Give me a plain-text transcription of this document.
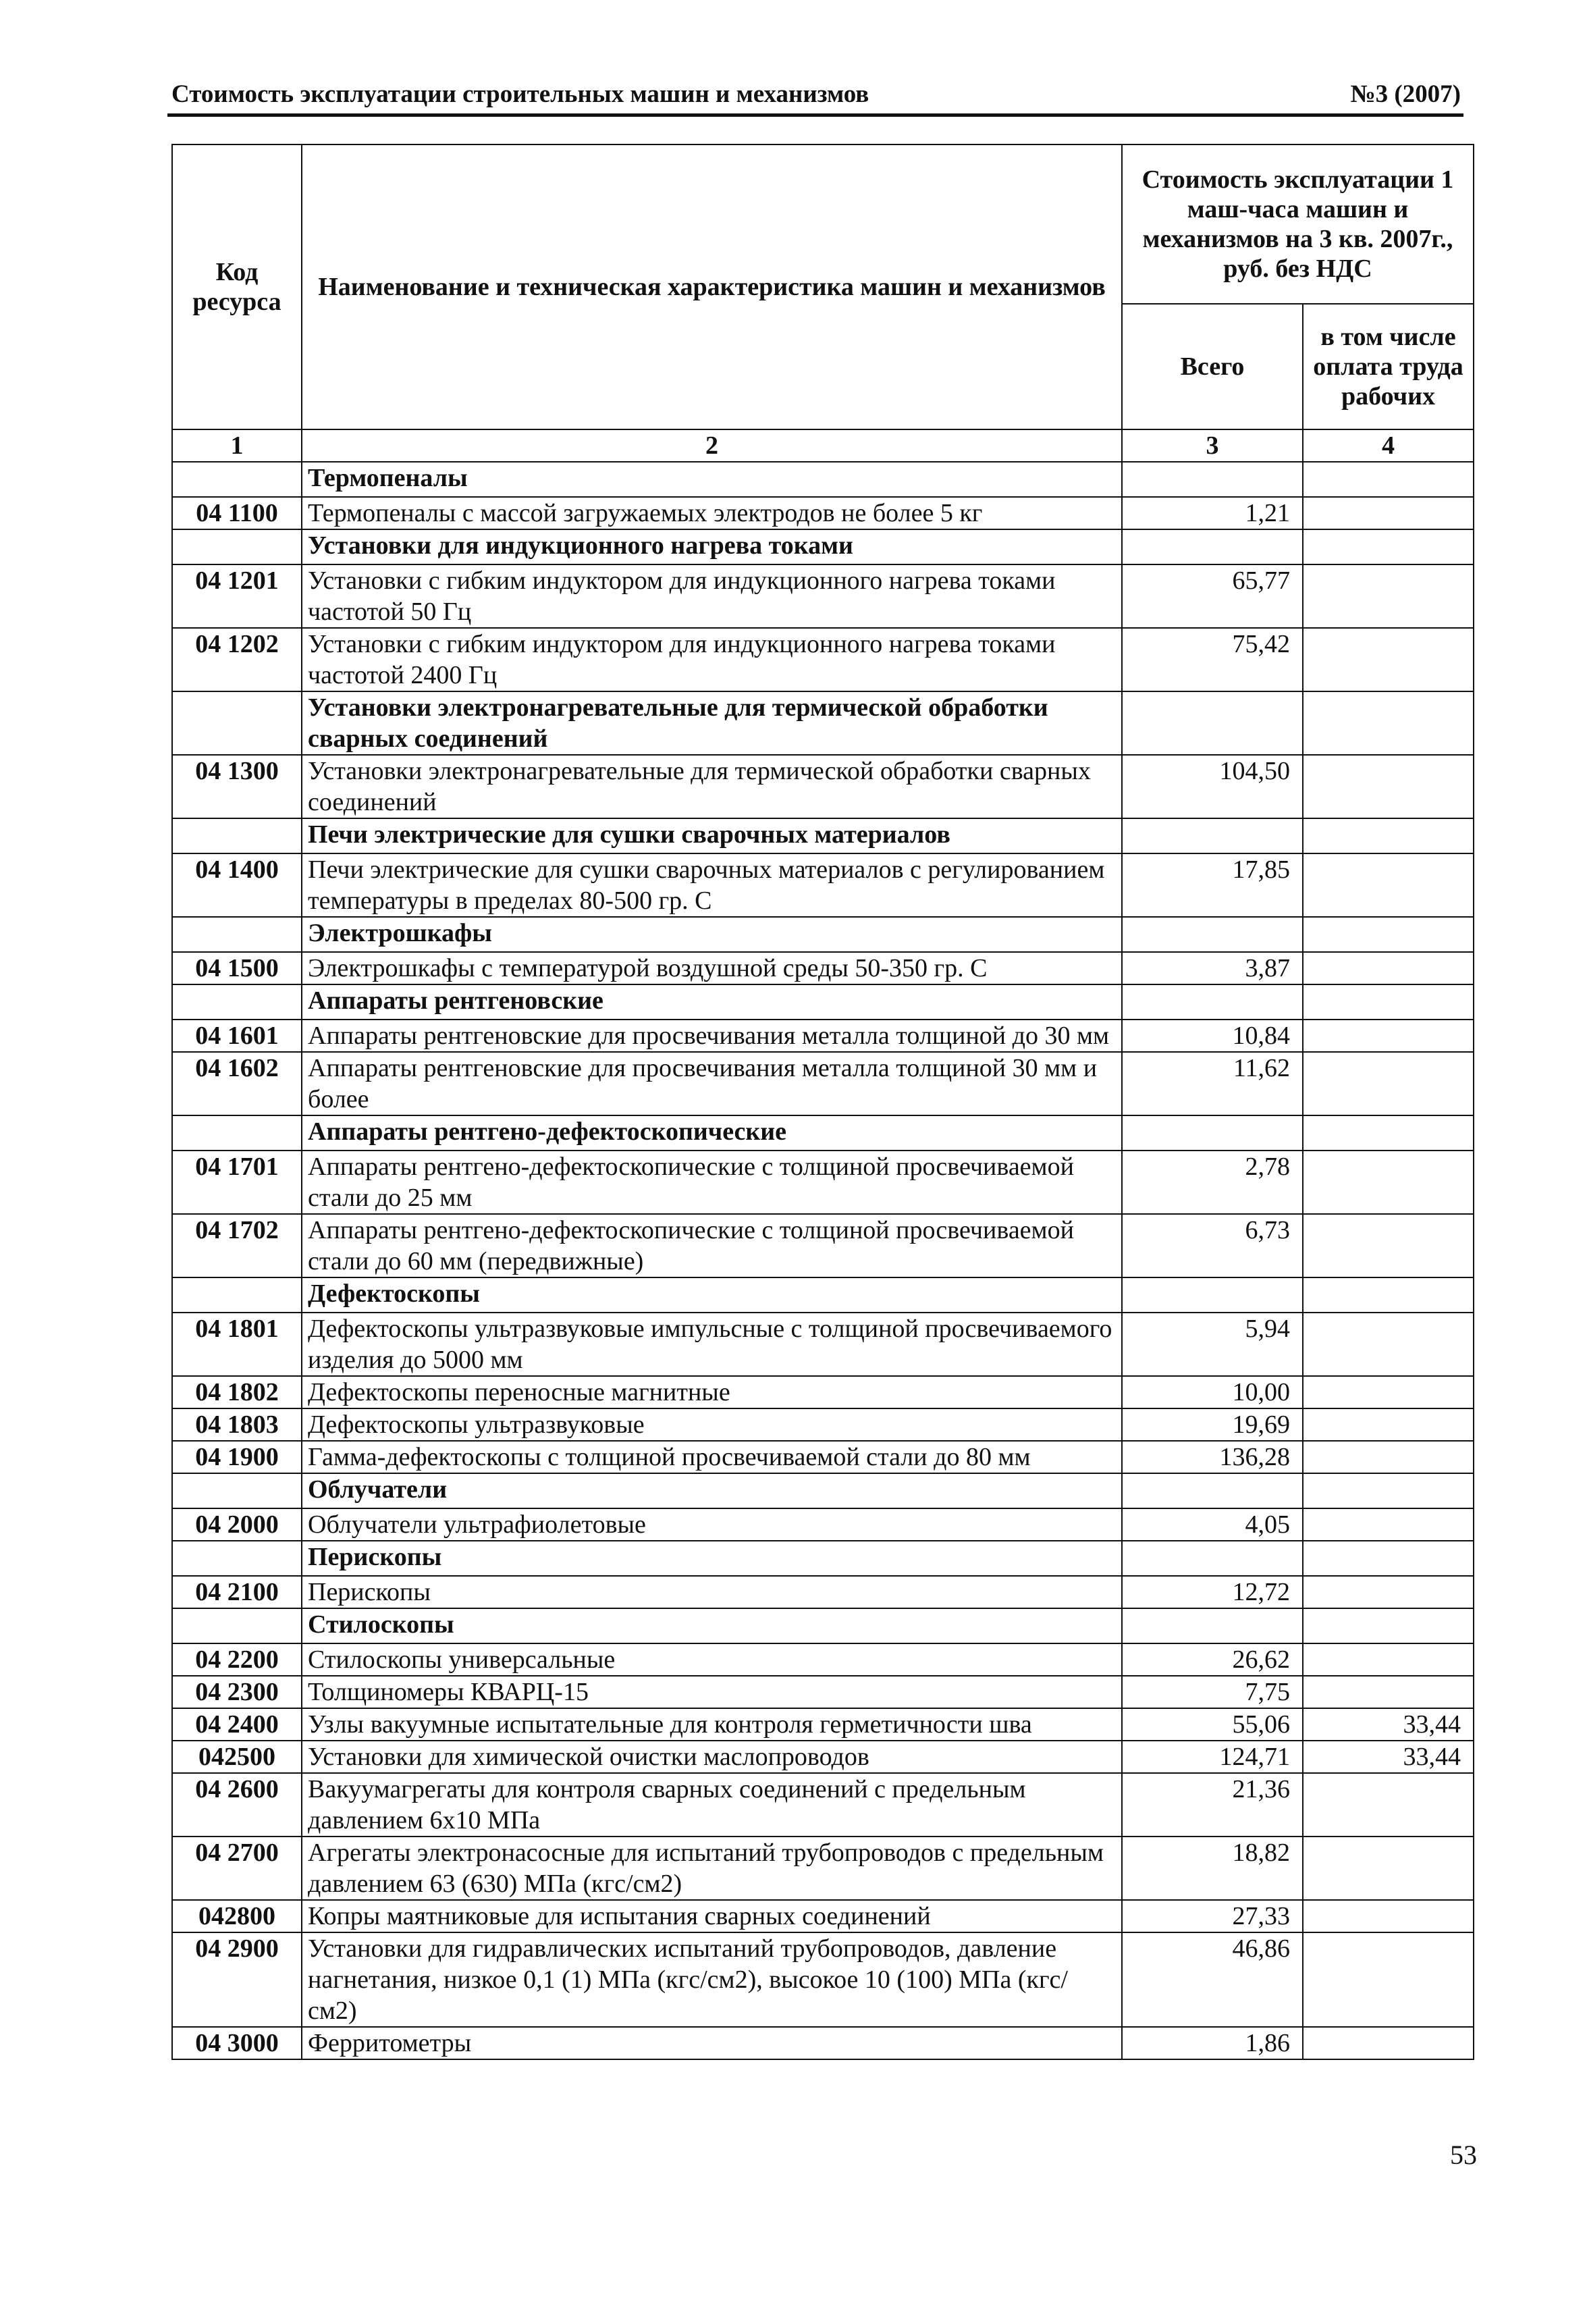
Стоимость эксплуатации строительных машин и механизмов	№3 (2007)
Код ресурса	Наименование и техническая характеристика машин и механизмов	Стоимость эксплуатации 1 маш-часа машин и механизмов на 3 кв. 2007г., руб. без НДС	
		Всего	в том числе оплата труда рабочих
1	2	3	4
	Термопеналы		
04 1100	Термопеналы с массой загружаемых электродов не более 5 кг	1,21	
	Установки для индукционного нагрева токами		
04 1201	Установки с гибким индуктором для индукционного нагрева токами частотой 50 Гц	65,77	
04 1202	Установки с гибким индуктором для индукционного нагрева токами частотой 2400 Гц	75,42	
	Установки электронагревательные для термической обработки сварных соединений		
04 1300	Установки электронагревательные для термической обработки сварных соединений	104,50	
	Печи электрические для сушки сварочных материалов		
04 1400	Печи электрические для сушки сварочных материалов с регулированием температуры в пределах 80-500 гр. С	17,85	
	Электрошкафы		
04 1500	Электрошкафы с температурой воздушной среды 50-350 гр. С	3,87	
	Аппараты рентгеновские		
04 1601	Аппараты рентгеновские для просвечивания металла толщиной до 30 мм	10,84	
04 1602	Аппараты рентгеновские для просвечивания металла толщиной 30 мм и более	11,62	
	Аппараты рентгено-дефектоскопические		
04 1701	Аппараты рентгено-дефектоскопические с толщиной просвечиваемой стали до 25 мм	2,78	
04 1702	Аппараты рентгено-дефектоскопические с толщиной просвечиваемой стали до 60 мм (передвижные)	6,73	
	Дефектоскопы		
04 1801	Дефектоскопы ультразвуковые импульсные с толщиной просвечиваемого изделия до 5000 мм	5,94	
04 1802	Дефектоскопы переносные магнитные	10,00	
04 1803	Дефектоскопы ультразвуковые	19,69	
04 1900	Гамма-дефектоскопы с толщиной просвечиваемой стали до 80 мм	136,28	
	Облучатели		
04 2000	Облучатели ультрафиолетовые	4,05	
	Перископы		
04 2100	Перископы	12,72	
	Стилоскопы		
04 2200	Стилоскопы универсальные	26,62	
04 2300	Толщиномеры КВАРЦ-15	7,75	
04 2400	Узлы вакуумные испытательные для контроля герметичности шва	55,06	33,44
042500	Установки для химической очистки маслопроводов	124,71	33,44
04 2600	Вакуумагрегаты для контроля сварных соединений с предельным давлением 6х10 МПа	21,36	
04 2700	Агрегаты электронасосные для испытаний трубопроводов с предельным давлением 63 (630) МПа (кгс/см2)	18,82	
042800	Копры маятниковые для испытания сварных соединений	27,33	
04 2900	Установки для гидравлических испытаний трубопроводов, давление нагнетания, низкое 0,1 (1) МПа (кгс/см2), высокое 10 (100) МПа (кгс/см2)	46,86	
04 3000	Ферритометры	1,86	
53
